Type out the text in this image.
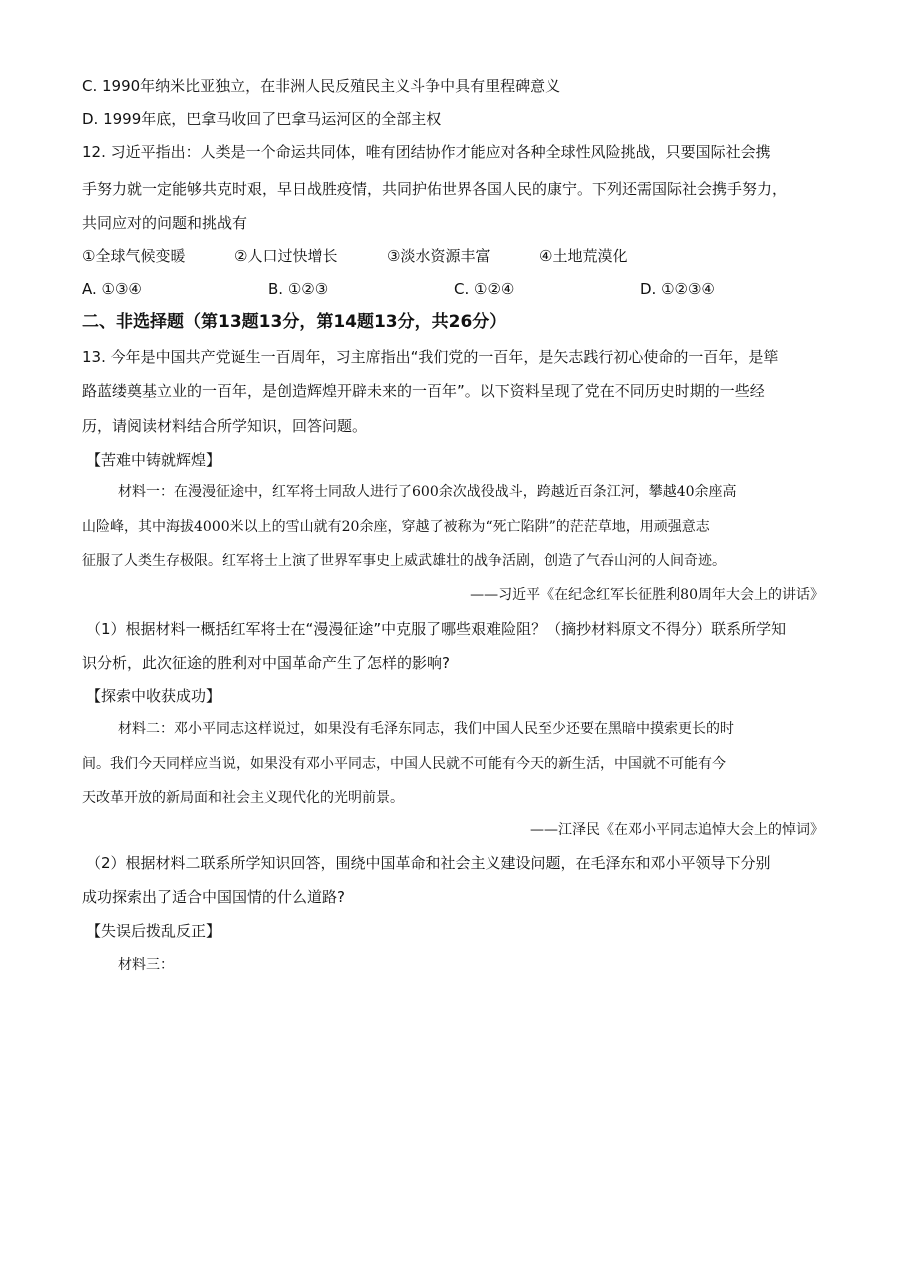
C. 1990年纳米比亚独立，在非洲人民反殖民主义斗争中具有里程碑意义
D. 1999年底，巴拿马收回了巴拿马运河区的全部主权
12. 习近平指出：人类是一个命运共同体，唯有团结协作才能应对各种全球性风险挑战，只要国际社会携
手努力就一定能够共克时艰，早日战胜疫情，共同护佑世界各国人民的康宁。下列还需国际社会携手努力，
共同应对的问题和挑战有
①全球气候变暖	②人口过快增长	③淡水资源丰富	④土地荒漠化
A. ①③④	B. ①②③	C. ①②④	D. ①②③④
二、非选择题（第13题13分，第14题13分，共26分）
13. 今年是中国共产党诞生一百周年，习主席指出“我们党的一百年，是矢志践行初心使命的一百年，是筚
路蓝缕奠基立业的一百年，是创造辉煌开辟未来的一百年”。以下资料呈现了党在不同历史时期的一些经
历，请阅读材料结合所学知识，回答问题。
【苦难中铸就辉煌】
材料一：在漫漫征途中，红军将士同敌人进行了600余次战役战斗，跨越近百条江河，攀越40余座高
山险峰，其中海拔4000米以上的雪山就有20余座，穿越了被称为“死亡陷阱”的茫茫草地，用顽强意志
征服了人类生存极限。红军将士上演了世界军事史上威武雄壮的战争活剧，创造了气吞山河的人间奇迹。
——习近平《在纪念红军长征胜利80周年大会上的讲话》
（1）根据材料一概括红军将士在“漫漫征途”中克服了哪些艰难险阻？（摘抄材料原文不得分）联系所学知
识分析，此次征途的胜利对中国革命产生了怎样的影响?
【探索中收获成功】
材料二：邓小平同志这样说过，如果没有毛泽东同志，我们中国人民至少还要在黑暗中摸索更长的时
间。我们今天同样应当说，如果没有邓小平同志，中国人民就不可能有今天的新生活，中国就不可能有今
天改革开放的新局面和社会主义现代化的光明前景。
——江泽民《在邓小平同志追悼大会上的悼词》
（2）根据材料二联系所学知识回答，围绕中国革命和社会主义建设问题，在毛泽东和邓小平领导下分别
成功探索出了适合中国国情的什么道路?
【失误后拨乱反正】
材料三：
